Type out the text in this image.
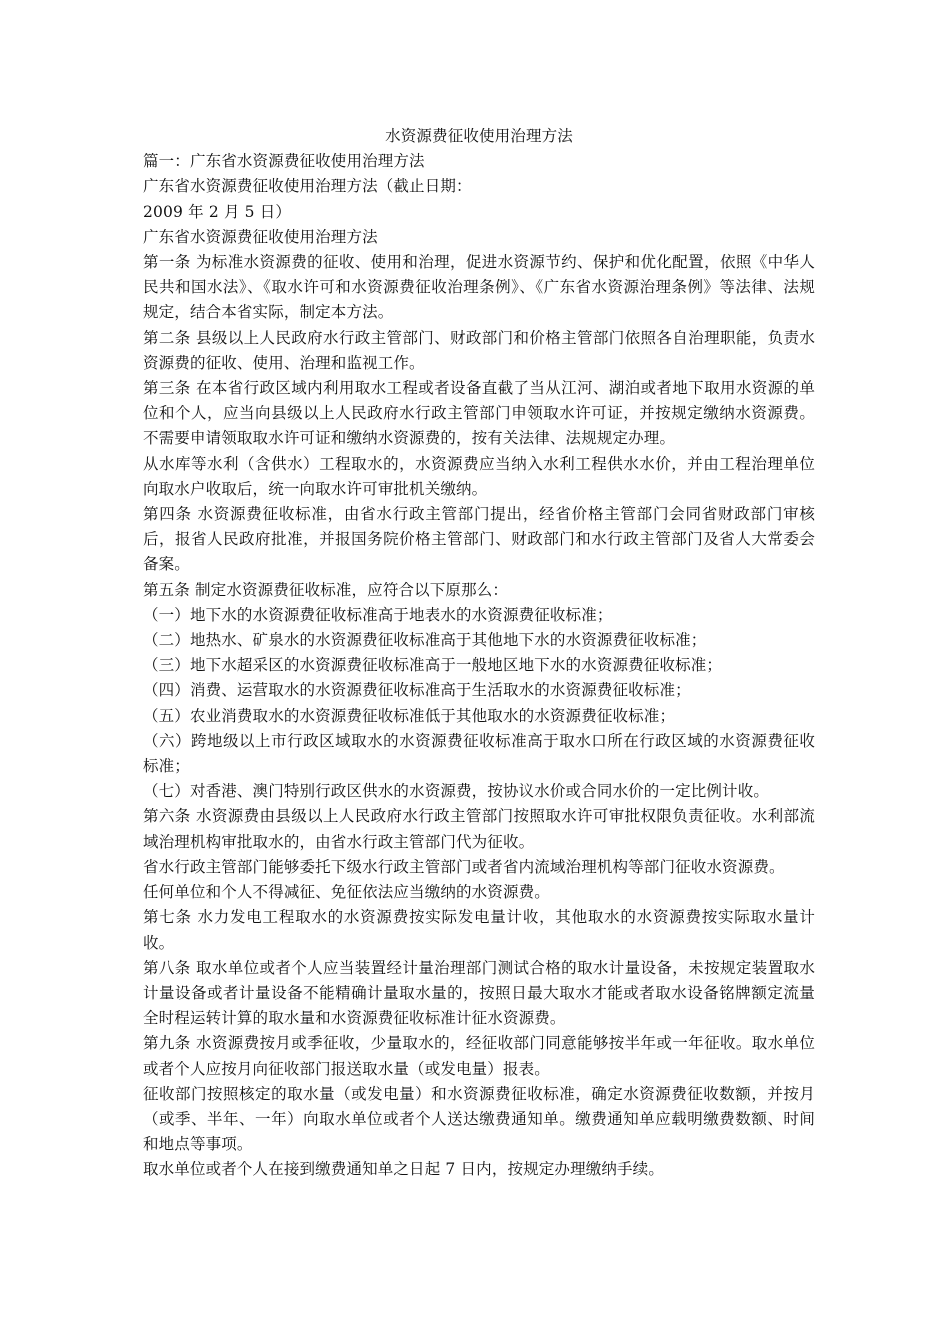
水资源费征收使用治理方法

篇一：广东省水资源费征收使用治理方法

广东省水资源费征收使用治理方法（截止日期：

2009 年 2 月 5 日）

广东省水资源费征收使用治理方法

第一条 为标准水资源费的征收、使用和治理，促进水资源节约、保护和优化配置，依照《中华人民共和国水法》、《取水许可和水资源费征收治理条例》、《广东省水资源治理条例》等法律、法规规定，结合本省实际，制定本方法。

第二条 县级以上人民政府水行政主管部门、财政部门和价格主管部门依照各自治理职能，负责水资源费的征收、使用、治理和监视工作。

第三条 在本省行政区域内利用取水工程或者设备直截了当从江河、湖泊或者地下取用水资源的单位和个人，应当向县级以上人民政府水行政主管部门申领取水许可证，并按规定缴纳水资源费。不需要申请领取取水许可证和缴纳水资源费的，按有关法律、法规规定办理。

从水库等水利（含供水）工程取水的，水资源费应当纳入水利工程供水水价，并由工程治理单位向取水户收取后，统一向取水许可审批机关缴纳。

第四条 水资源费征收标准，由省水行政主管部门提出，经省价格主管部门会同省财政部门审核后，报省人民政府批准，并报国务院价格主管部门、财政部门和水行政主管部门及省人大常委会备案。

第五条 制定水资源费征收标准，应符合以下原那么：

（一）地下水的水资源费征收标准高于地表水的水资源费征收标准；

（二）地热水、矿泉水的水资源费征收标准高于其他地下水的水资源费征收标准；

（三）地下水超采区的水资源费征收标准高于一般地区地下水的水资源费征收标准；

（四）消费、运营取水的水资源费征收标准高于生活取水的水资源费征收标准；

（五）农业消费取水的水资源费征收标准低于其他取水的水资源费征收标准；

（六）跨地级以上市行政区域取水的水资源费征收标准高于取水口所在行政区域的水资源费征收标准；

（七）对香港、澳门特别行政区供水的水资源费，按协议水价或合同水价的一定比例计收。

第六条 水资源费由县级以上人民政府水行政主管部门按照取水许可审批权限负责征收。水利部流域治理机构审批取水的，由省水行政主管部门代为征收。

省水行政主管部门能够委托下级水行政主管部门或者省内流域治理机构等部门征收水资源费。

任何单位和个人不得减征、免征依法应当缴纳的水资源费。

第七条 水力发电工程取水的水资源费按实际发电量计收，其他取水的水资源费按实际取水量计收。

第八条 取水单位或者个人应当装置经计量治理部门测试合格的取水计量设备，未按规定装置取水计量设备或者计量设备不能精确计量取水量的，按照日最大取水才能或者取水设备铭牌额定流量全时程运转计算的取水量和水资源费征收标准计征水资源费。

第九条 水资源费按月或季征收，少量取水的，经征收部门同意能够按半年或一年征收。取水单位或者个人应按月向征收部门报送取水量（或发电量）报表。

征收部门按照核定的取水量（或发电量）和水资源费征收标准，确定水资源费征收数额，并按月（或季、半年、一年）向取水单位或者个人送达缴费通知单。缴费通知单应载明缴费数额、时间和地点等事项。

取水单位或者个人在接到缴费通知单之日起 7 日内，按规定办理缴纳手续。
